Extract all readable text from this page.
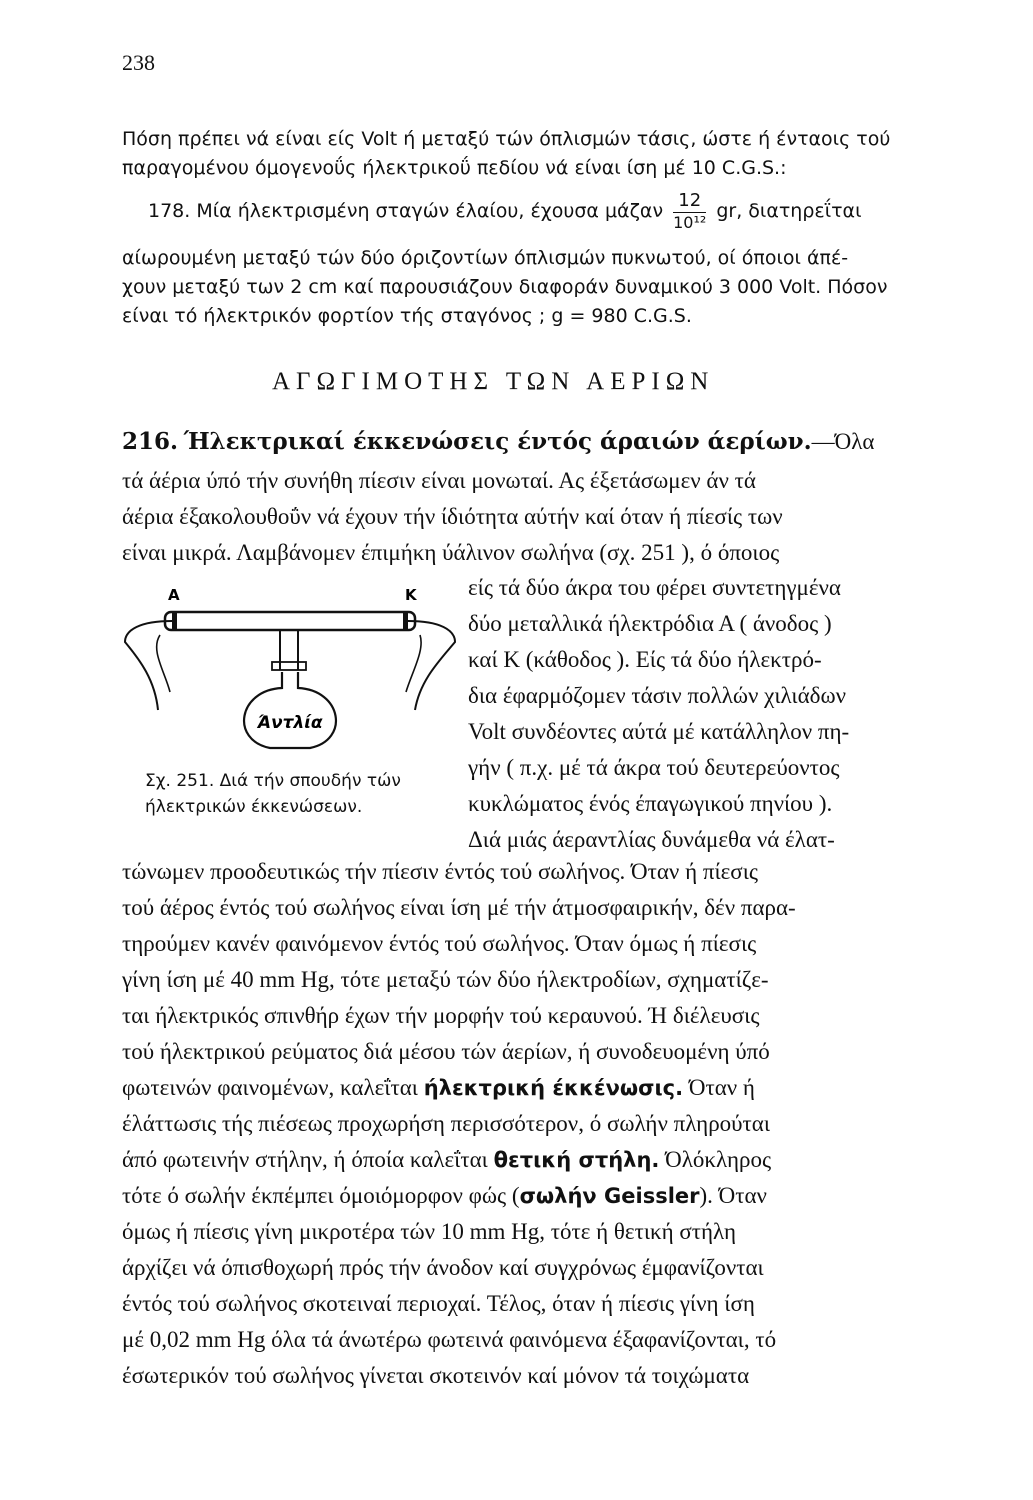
238
Πόση πρέπει νά είναι είς Volt ή μεταξύ τών όπλισμών τάσις, ώστε ή ένταοις τού
παραγομένου όμογενοΰς ήλεκτρικοΰ πεδίου νά είναι ίση μέ 10 C.G.S.:
178. Μία ήλεκτρισμένη σταγών έλαίου, έχουσα μάζαν $\frac{12}{\text{10¹²}}$ gr, διατηρεΐται
αίωρουμένη μεταξύ τών δύο όριζοντίων όπλισμών πυκνωτού, οί όποιοι άπέ-
χουν μεταξύ των 2 cm καί παρουσιάζουν διαφοράν δυναμικού 3 000 Volt. Πόσον
είναι τό ήλεκτρικόν φορτίον τής σταγόνος ; g = 980 C.G.S.
ΑΓΩΓΙΜΟΤΗΣ ΤΩΝ ΑΕΡΙΩΝ
216. Ήλεκτρικαί έκκενώσεις έντός άραιών άερίων.—Όλα
τά άέρια ύπό τήν συνήθη πίεσιν είναι μονωταί. Ας έξετάσωμεν άν τά
άέρια έξακολουθοΰν νά έχουν τήν ίδιότητα αύτήν καί όταν ή πίεσίς των
είναι μικρά. Λαμβάνομεν έπιμήκη ύάλινον σωλήνα (σχ. 251 ), ό όποιος
είς τά δύο άκρα του φέρει συντετηγμένα
δύο μεταλλικά ήλεκτρόδια Α ( άνοδος )
καί Κ (κάθοδος ). Είς τά δύο ήλεκτρό-
δια έφαρμόζομεν τάσιν πολλών χιλιάδων
Volt συνδέοντες αύτά μέ κατάλληλον πη-
γήν ( π.χ. μέ τά άκρα τού δευτερεύοντος
κυκλώματος ένός έπαγωγικού πηνίου ).
Διά μιάς άεραντλίας δυνάμεθα νά έλατ-
Α	Κ
Άντλία
Σχ. 251. Διά τήν σπουδήν τών
ήλεκτρικών έκκενώσεων.
τώνωμεν προοδευτικώς τήν πίεσιν έντός τού σωλήνος. Όταν ή πίεσις
τού άέρος έντός τού σωλήνος είναι ίση μέ τήν άτμοσφαιρικήν, δέν παρα-
τηρούμεν κανέν φαινόμενον έντός τού σωλήνος. Όταν όμως ή πίεσις
γίνη ίση μέ 40 mm Hg, τότε μεταξύ τών δύο ήλεκτροδίων, σχηματίζε-
ται ήλεκτρικός σπινθήρ έχων τήν μορφήν τού κεραυνού. Ή διέλευσις
τού ήλεκτρικού ρεύματος διά μέσου τών άερίων, ή συνοδευομένη ύπό
φωτεινών φαινομένων, καλεΐται ήλεκτρική έκκένωσις. Όταν ή
έλάττωσις τής πιέσεως προχωρήση περισσότερον, ό σωλήν πληρούται
άπό φωτεινήν στήλην, ή όποία καλεΐται θετική στήλη. Όλόκληρος
τότε ό σωλήν έκπέμπει όμοιόμορφον φώς (σωλήν Geissler). Όταν
όμως ή πίεσις γίνη μικροτέρα τών 10 mm Hg, τότε ή θετική στήλη
άρχίζει νά όπισθοχωρή πρός τήν άνοδον καί συγχρόνως έμφανίζονται
έντός τού σωλήνος σκοτειναί περιοχαί. Τέλος, όταν ή πίεσις γίνη ίση
μέ 0,02 mm Hg όλα τά άνωτέρω φωτεινά φαινόμενα έξαφανίζονται, τό
έσωτερικόν τού σωλήνος γίνεται σκοτεινόν καί μόνον τά τοιχώματα
